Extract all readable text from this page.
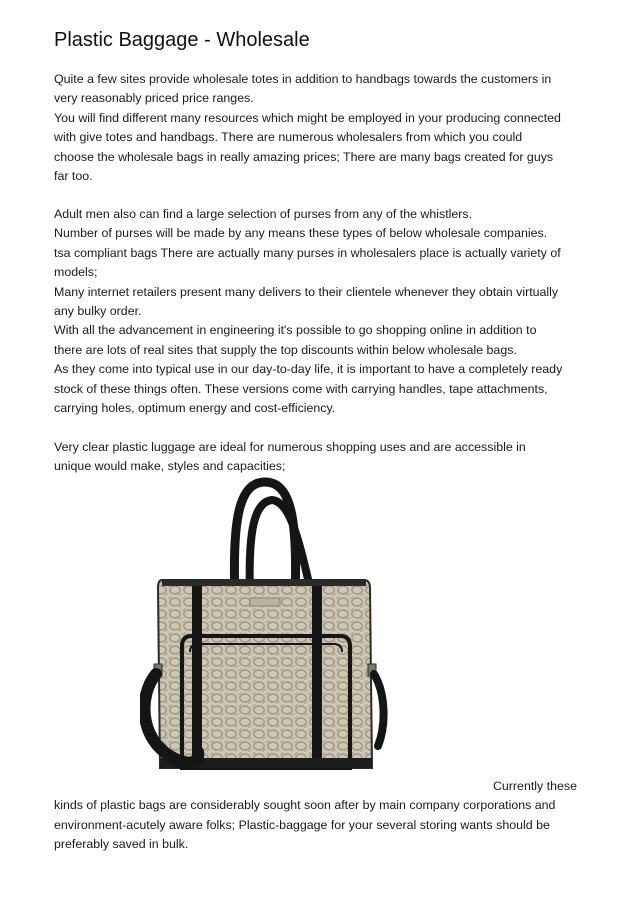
Plastic Baggage - Wholesale

Quite a few sites provide wholesale totes in addition to handbags towards the customers in
very reasonably priced price ranges.
You will find different many resources which might be employed in your producing connected
with give totes and handbags. There are numerous wholesalers from which you could
choose the wholesale bags in really amazing prices; There are many bags created for guys
far too.

Adult men also can find a large selection of purses from any of the whistlers.
Number of purses will be made by any means these types of below wholesale companies.
tsa compliant bags There are actually many purses in wholesalers place is actually variety of
models;
Many internet retailers present many delivers to their clientele whenever they obtain virtually
any bulky order.
With all the advancement in engineering it's possible to go shopping online in addition to
there are lots of real sites that supply the top discounts within below wholesale bags.
As they come into typical use in our day-to-day life, it is important to have a completely ready
stock of these things often. These versions come with carrying handles, tape attachments,
carrying holes, optimum energy and cost-efficiency.

Very clear plastic luggage are ideal for numerous shopping uses and are accessible in
unique would make, styles and capacities;

Currently these
kinds of plastic bags are considerably sought soon after by main company corporations and
environment-acutely aware folks; Plastic-baggage for your several storing wants should be
preferably saved in bulk.
